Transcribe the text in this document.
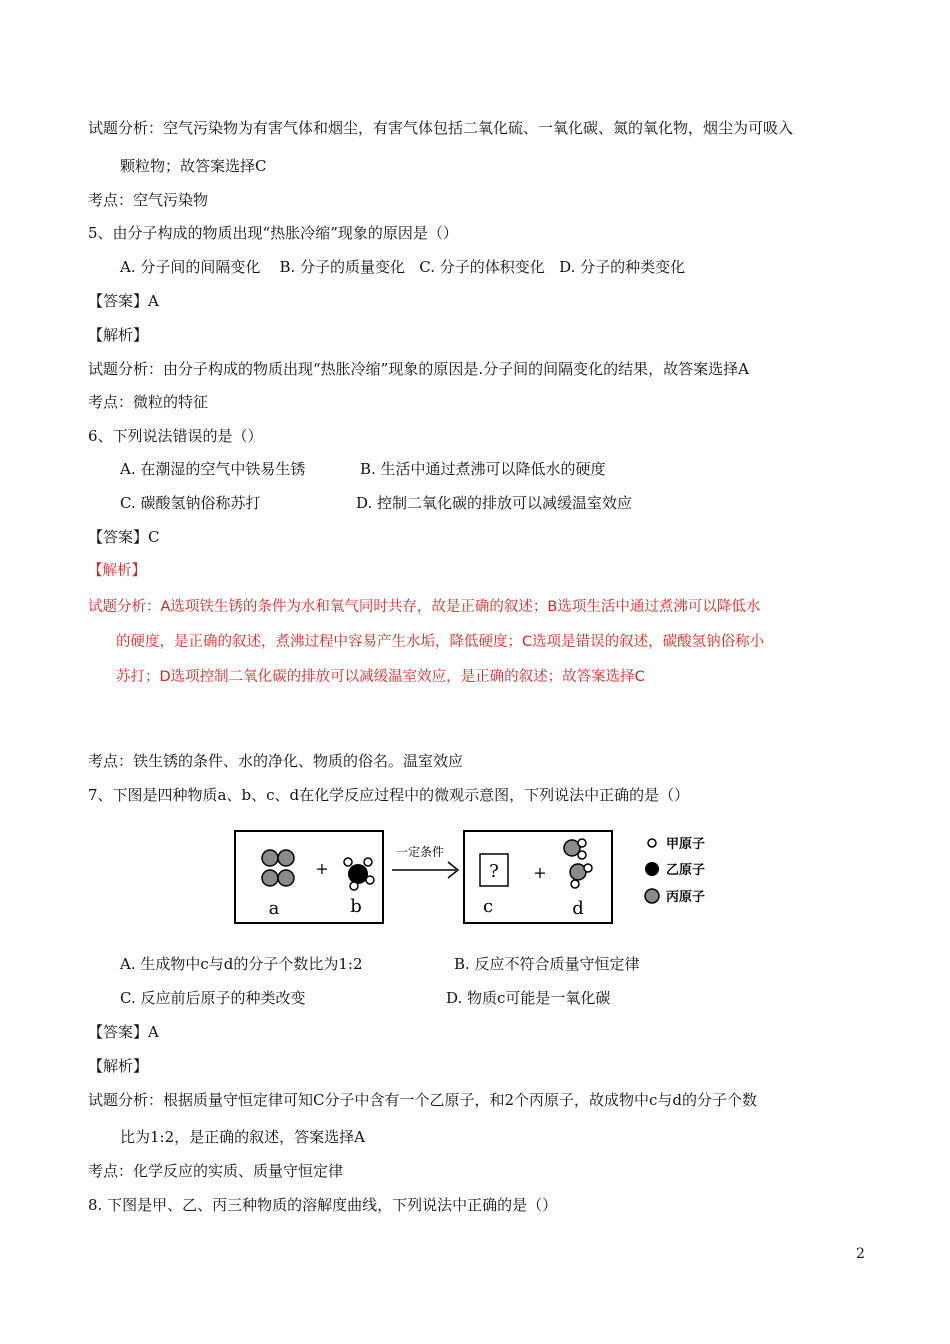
试题分析：空气污染物为有害气体和烟尘，有害气体包括二氧化硫、一氧化碳、氮的氧化物，烟尘为可吸入
颗粒物；故答案选择C
考点：空气污染物
5、由分子构成的物质出现“热胀冷缩”现象的原因是（）
A. 分子间的间隔变化    B. 分子的质量变化   C. 分子的体积变化   D. 分子的种类变化
【答案】A
【解析】
试题分析：由分子构成的物质出现“热胀冷缩”现象的原因是.分子间的间隔变化的结果，故答案选择A
考点：微粒的特征
6、下列说法错误的是（）
A. 在潮湿的空气中铁易生锈	B. 生活中通过煮沸可以降低水的硬度
C. 碳酸氢钠俗称苏打	D. 控制二氧化碳的排放可以减缓温室效应
【答案】C
【解析】
试题分析：A选项铁生锈的条件为水和氧气同时共存，故是正确的叙述；B选项生活中通过煮沸可以降低水
的硬度，是正确的叙述，煮沸过程中容易产生水垢，降低硬度；C选项是错误的叙述，碳酸氢钠俗称小
苏打；D选项控制二氧化碳的排放可以减缓温室效应，是正确的叙述；故答案选择C
考点：铁生锈的条件、水的净化、物质的俗名。温室效应
7、下图是四种物质a、b、c、d在化学反应过程中的微观示意图，下列说法中正确的是（）
a
+
b
一定条件
?
c
+
d
甲原子
乙原子
丙原子
A. 生成物中c与d的分子个数比为1:2	B. 反应不符合质量守恒定律
C. 反应前后原子的种类改变	D. 物质c可能是一氧化碳
【答案】A
【解析】
试题分析：根据质量守恒定律可知C分子中含有一个乙原子，和2个丙原子，故成物中c与d的分子个数
比为1:2，是正确的叙述，答案选择A
考点：化学反应的实质、质量守恒定律
8. 下图是甲、乙、丙三种物质的溶解度曲线，下列说法中正确的是（）
2
